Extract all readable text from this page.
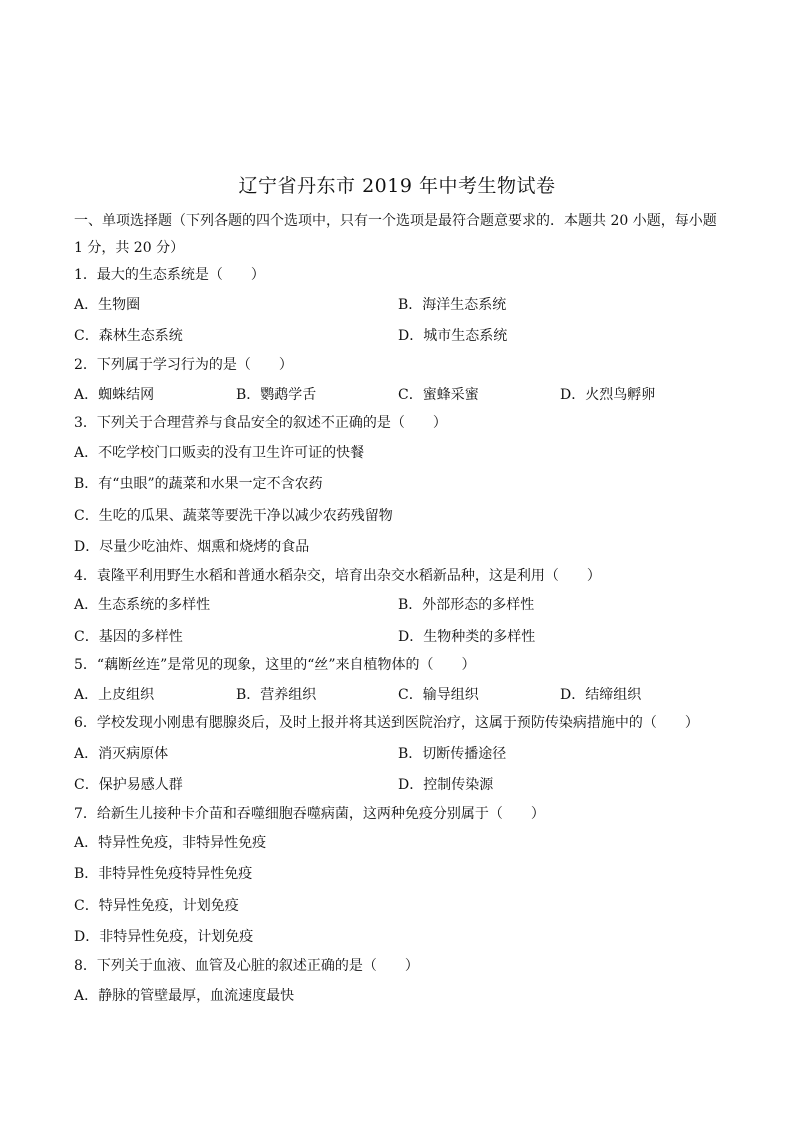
辽宁省丹东市 2019 年中考生物试卷
一、单项选择题（下列各题的四个选项中，只有一个选项是最符合题意要求的．本题共 20 小题，每小题
1 分，共 20 分）
1．最大的生态系统是（　　）
A．生物圈	B．海洋生态系统
C．森林生态系统	D．城市生态系统
2．下列属于学习行为的是（　　）
A．蜘蛛结网	B．鹦鹉学舌	C．蜜蜂采蜜	D．火烈鸟孵卵
3．下列关于合理营养与食品安全的叙述不正确的是（　　）
A．不吃学校门口贩卖的没有卫生许可证的快餐
B．有“虫眼”的蔬菜和水果一定不含农药
C．生吃的瓜果、蔬菜等要洗干净以减少农药残留物
D．尽量少吃油炸、烟熏和烧烤的食品
4．袁隆平利用野生水稻和普通水稻杂交，培育出杂交水稻新品种，这是利用（　　）
A．生态系统的多样性	B．外部形态的多样性
C．基因的多样性	D．生物种类的多样性
5．“藕断丝连”是常见的现象，这里的“丝”来自植物体的（　　）
A．上皮组织	B．营养组织	C．输导组织	D．结缔组织
6．学校发现小刚患有腮腺炎后，及时上报并将其送到医院治疗，这属于预防传染病措施中的（　　）
A．消灭病原体	B．切断传播途径
C．保护易感人群	D．控制传染源
7．给新生儿接种卡介苗和吞噬细胞吞噬病菌，这两种免疫分别属于（　　）
A．特异性免疫，非特异性免疫
B．非特异性免疫特异性免疫
C．特异性免疫，计划免疫
D．非特异性免疫，计划免疫
8．下列关于血液、血管及心脏的叙述正确的是（　　）
A．静脉的管壁最厚，血流速度最快
